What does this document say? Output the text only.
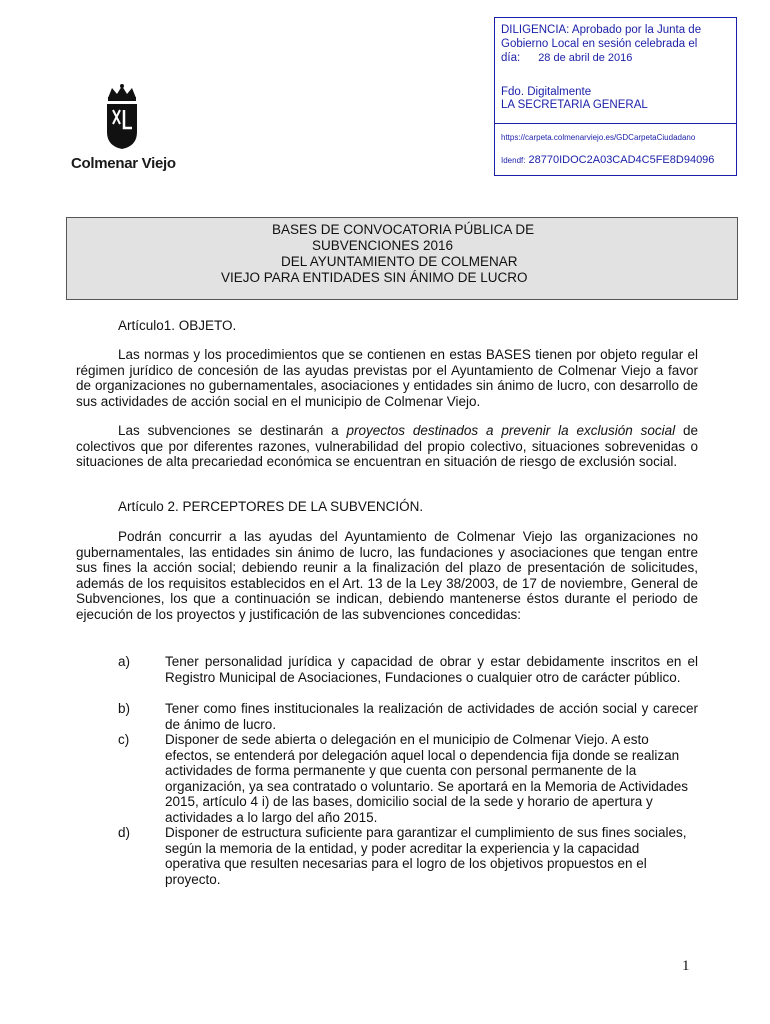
Colmenar Viejo
DILIGENCIA: Aprobado por la Junta de Gobierno Local en sesión celebrada el día: 28 de abril de 2016
Fdo. Digitalmente
LA SECRETARIA GENERAL
https://carpeta.colmenarviejo.es/GDCarpetaCiudadano
Idendf: 28770IDOC2A03CAD4C5FE8D94096
BASES DE CONVOCATORIA PÚBLICA DE
SUBVENCIONES 2016
DEL AYUNTAMIENTO DE COLMENAR
VIEJO PARA ENTIDADES SIN ÁNIMO DE LUCRO
Artículo1. OBJETO.
Las normas y los procedimientos que se contienen en estas BASES tienen por objeto regular el régimen jurídico de concesión de las ayudas previstas por el Ayuntamiento de Colmenar Viejo a favor de organizaciones no gubernamentales, asociaciones y entidades sin ánimo de lucro, con desarrollo de sus actividades de acción social en el municipio de Colmenar Viejo.
Las subvenciones se destinarán a proyectos destinados a prevenir la exclusión social de colectivos que por diferentes razones, vulnerabilidad del propio colectivo, situaciones sobrevenidas o situaciones de alta precariedad económica se encuentran en situación de riesgo de exclusión social.
Artículo 2. PERCEPTORES DE LA SUBVENCIÓN.
Podrán concurrir a las ayudas del Ayuntamiento de Colmenar Viejo las organizaciones no gubernamentales, las entidades sin ánimo de lucro, las fundaciones y asociaciones que tengan entre sus fines la acción social; debiendo reunir a la finalización del plazo de presentación de solicitudes, además de los requisitos establecidos en el Art. 13 de la Ley 38/2003, de 17 de noviembre, General de Subvenciones, los que a continuación se indican, debiendo mantenerse éstos durante el periodo de ejecución de los proyectos y justificación de las subvenciones concedidas:
a)	Tener personalidad jurídica y capacidad de obrar y estar debidamente inscritos en el Registro Municipal de Asociaciones, Fundaciones o cualquier otro de carácter público.
b)	Tener como fines institucionales la realización de actividades de acción social y carecer de ánimo de lucro.
c)	Disponer de sede abierta o delegación en el municipio de Colmenar Viejo. A esto efectos, se entenderá por delegación aquel local o dependencia fija donde se realizan actividades de forma permanente y que cuenta con personal permanente de la organización, ya sea contratado o voluntario. Se aportará en la Memoria de Actividades 2015, artículo 4 i) de las bases, domicilio social de la sede y horario de apertura y actividades a lo largo del año 2015.
d)	Disponer de estructura suficiente para garantizar el cumplimiento de sus fines sociales, según la memoria de la entidad, y poder acreditar la experiencia y la capacidad operativa que resulten necesarias para el logro de los objetivos propuestos en el proyecto.
1
